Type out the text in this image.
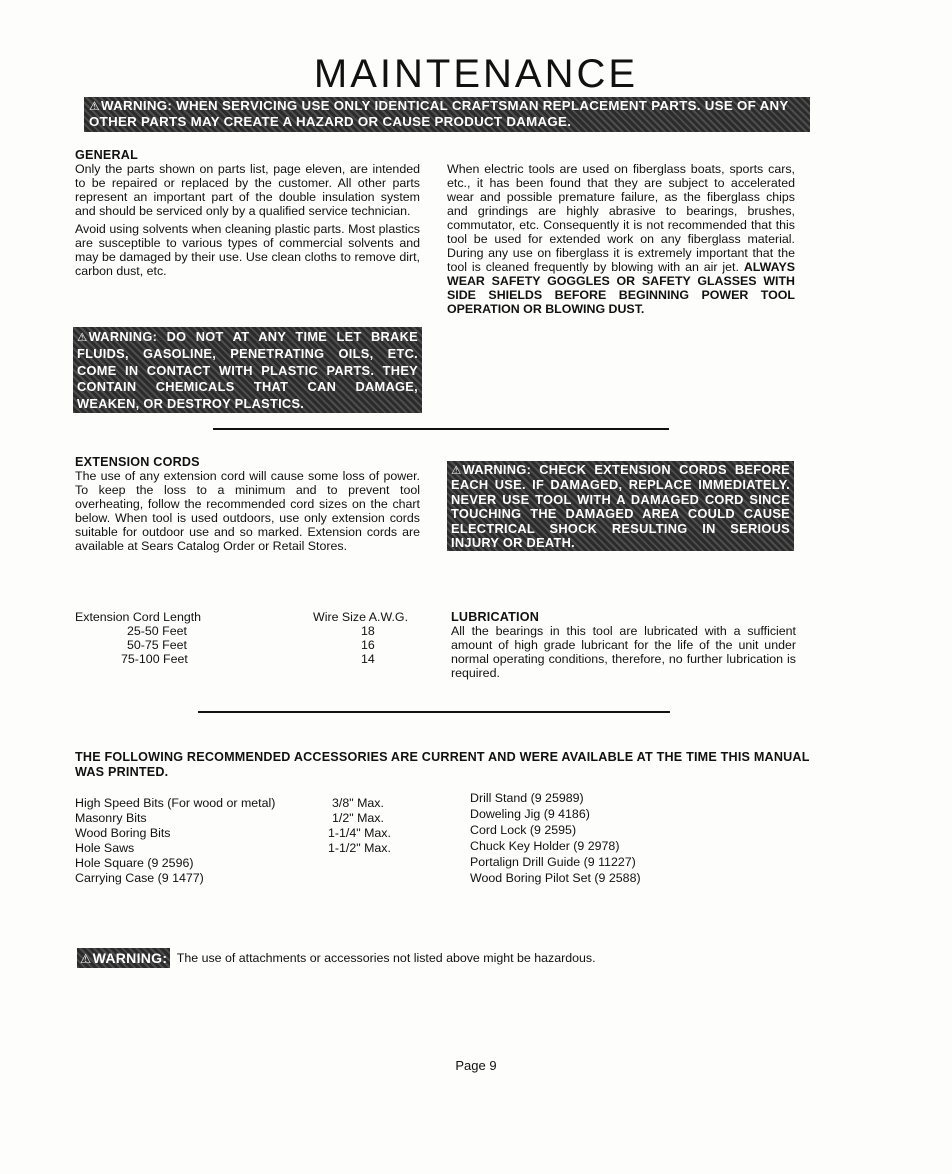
MAINTENANCE
⚠WARNING: WHEN SERVICING USE ONLY IDENTICAL CRAFTSMAN REPLACEMENT PARTS. USE OF ANY OTHER PARTS MAY CREATE A HAZARD OR CAUSE PRODUCT DAMAGE.

GENERAL

Only the parts shown on parts list, page eleven, are intended to be repaired or replaced by the customer. All other parts represent an important part of the double insulation system and should be serviced only by a qualified service technician.

Avoid using solvents when cleaning plastic parts. Most plastics are susceptible to various types of commercial solvents and may be damaged by their use. Use clean cloths to remove dirt, carbon dust, etc.

⚠WARNING: DO NOT AT ANY TIME LET BRAKE FLUIDS, GASOLINE, PENETRATING OILS, ETC. COME IN CONTACT WITH PLASTIC PARTS. THEY CONTAIN CHEMICALS THAT CAN DAMAGE, WEAKEN, OR DESTROY PLASTICS.

When electric tools are used on fiberglass boats, sports cars, etc., it has been found that they are subject to accelerated wear and possible premature failure, as the fiberglass chips and grindings are highly abrasive to bearings, brushes, commutator, etc. Consequently it is not recommended that this tool be used for extended work on any fiberglass material. During any use on fiberglass it is extremely important that the tool is cleaned frequently by blowing with an air jet. ALWAYS WEAR SAFETY GOGGLES OR SAFETY GLASSES WITH SIDE SHIELDS BEFORE BEGINNING POWER TOOL OPERATION OR BLOWING DUST.

EXTENSION CORDS

The use of any extension cord will cause some loss of power. To keep the loss to a minimum and to prevent tool overheating, follow the recommended cord sizes on the chart below. When tool is used outdoors, use only extension cords suitable for outdoor use and so marked. Extension cords are available at Sears Catalog Order or Retail Stores.

⚠WARNING: CHECK EXTENSION CORDS BEFORE EACH USE. IF DAMAGED, REPLACE IMMEDIATELY. NEVER USE TOOL WITH A DAMAGED CORD SINCE TOUCHING THE DAMAGED AREA COULD CAUSE ELECTRICAL SHOCK RESULTING IN SERIOUS INJURY OR DEATH.
Extension Cord Length	Wire Size A.W.G.
25-50 Feet	18
50-75 Feet	16
75-100 Feet	14

LUBRICATION

All the bearings in this tool are lubricated with a sufficient amount of high grade lubricant for the life of the unit under normal operating conditions, therefore, no further lubrication is required.

THE FOLLOWING RECOMMENDED ACCESSORIES ARE CURRENT AND WERE AVAILABLE AT THE TIME THIS MANUAL WAS PRINTED.

High Speed Bits (For wood or metal)	3/8" Max.
Masonry Bits	1/2" Max.
Wood Boring Bits	1-1/4" Max.
Hole Saws	1-1/2" Max.
Hole Square (9 2596)
Carrying Case (9 1477)
Drill Stand (9 25989)
Doweling Jig (9 4186)
Cord Lock (9 2595)
Chuck Key Holder (9 2978)
Portalign Drill Guide (9 11227)
Wood Boring Pilot Set (9 2588)
⚠WARNING: The use of attachments or accessories not listed above might be hazardous.
Page 9
